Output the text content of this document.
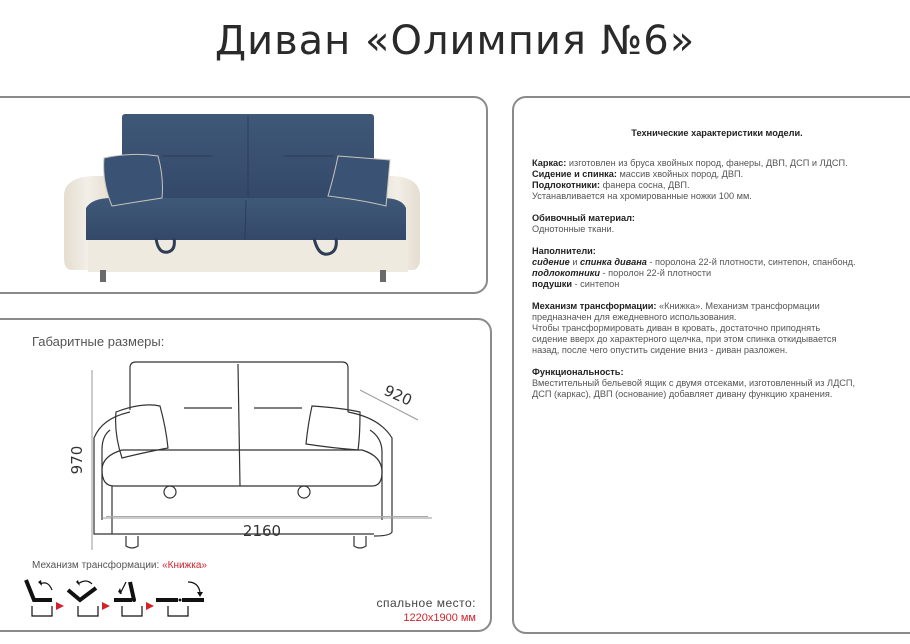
Диван «Олимпия №6»
Габаритные размеры:
970
920
2160
Механизм трансформации: «Книжка»
спальное место:
1220x1900 мм
Технические характеристики модели.

Каркас: изготовлен из бруса хвойных пород, фанеры, ДВП, ДСП и ЛДСП.

Сидение и спинка: массив хвойных пород, ДВП.

Подлокотники: фанера сосна, ДВП.

Устанавливается на хромированные ножки 100 мм.

Обивочный материал:

Однотонные ткани.

Наполнители:

сидение и спинка дивана - поролона 22-й плотности, синтепон, спанбонд.

подлокотники - поролон 22-й плотности

подушки - синтепон

Механизм трансформации: «Книжка». Механизм трансформации

предназначен для ежедневного использования.

Чтобы трансформировать диван в кровать, достаточно приподнять

сидение вверх до характерного щелчка, при этом спинка откидывается

назад, после чего опустить сидение вниз - диван разложен.

Функциональность:

Вместительный бельевой ящик с двумя отсеками, изготовленный из ЛДСП,

ДСП (каркас), ДВП (основание) добавляет дивану функцию хранения.
